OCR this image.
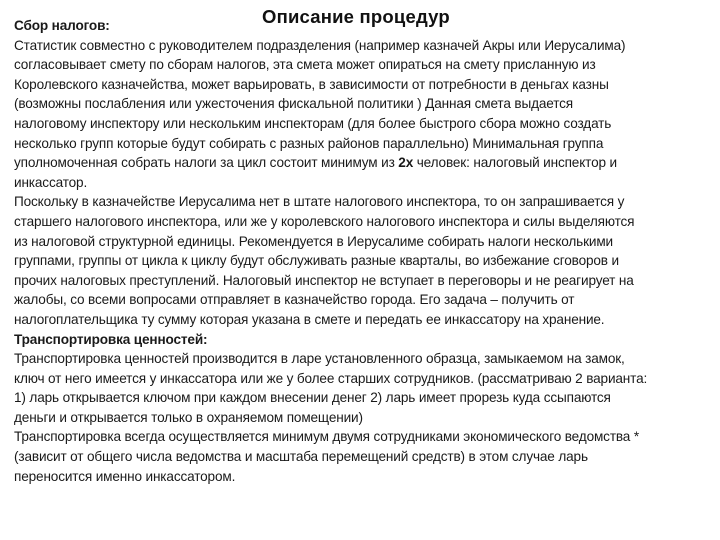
Описание процедур
Сбор налогов:
Статистик совместно с руководителем подразделения (например казначей Акры или Иерусалима)
согласовывает смету по сборам налогов, эта смета может опираться на смету присланную из
Королевского казначейства, может варьировать, в зависимости от потребности в деньгах казны
(возможны послабления или ужесточения фискальной политики ) Данная смета выдается
налоговому инспектору или нескольким инспекторам (для более быстрого сбора можно создать
несколько групп которые будут собирать с разных районов параллельно) Минимальная группа
уполномоченная собрать налоги за цикл состоит минимум из 2х человек: налоговый инспектор и
инкассатор.
Поскольку в казначействе Иерусалима нет в штате налогового инспектора, то он запрашивается у
старшего налогового инспектора, или же у королевского налогового инспектора и силы выделяются
из налоговой структурной единицы. Рекомендуется в Иерусалиме собирать налоги несколькими
группами, группы от цикла к циклу будут обслуживать разные кварталы, во избежание сговоров и
прочих налоговых преступлений. Налоговый инспектор не вступает в переговоры и не реагирует на
жалобы, со всеми вопросами отправляет в казначейство города. Его задача – получить от
налогоплательщика ту сумму которая указана в смете и передать ее инкассатору на хранение.
Транспортировка ценностей:
Транспортировка ценностей производится в ларе установленного образца, замыкаемом на замок,
ключ от него имеется у инкассатора или же у более старших сотрудников. (рассматриваю 2 варианта:
1) ларь открывается ключом при каждом внесении денег 2) ларь имеет прорезь куда ссыпаются
деньги и открывается только в охраняемом помещении)
Транспортировка всегда осуществляется минимум двумя сотрудниками экономического ведомства *
(зависит от общего числа ведомства и масштаба перемещений средств) в этом случае ларь
переносится именно инкассатором.
